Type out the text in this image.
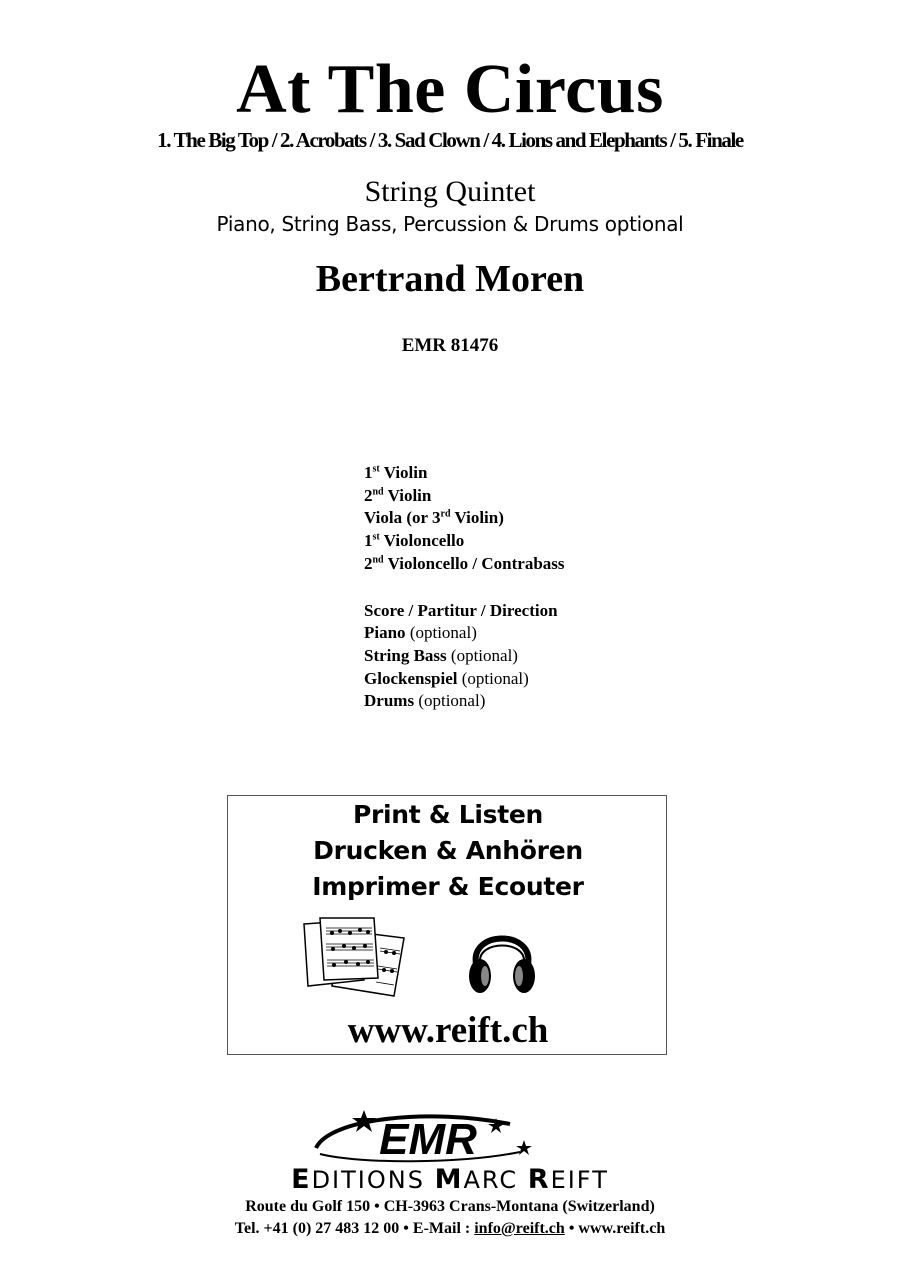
At The Circus
1. The Big Top / 2. Acrobats / 3. Sad Clown / 4. Lions and Elephants / 5. Finale
String Quintet
Piano, String Bass, Percussion & Drums optional
Bertrand Moren
EMR 81476
1st Violin
2nd Violin
Viola (or 3rd Violin)
1st Violoncello
2nd Violoncello / Contrabass
Score / Partitur / Direction
Piano (optional)
String Bass (optional)
Glockenspiel (optional)
Drums (optional)
Print & Listen
Drucken & Anhören
Imprimer & Ecouter
www.reift.ch
EMR
EDITIONS MARC REIFT
Route du Golf 150 • CH-3963 Crans-Montana (Switzerland)
Tel. +41 (0) 27 483 12 00 • E-Mail : info@reift.ch • www.reift.ch
